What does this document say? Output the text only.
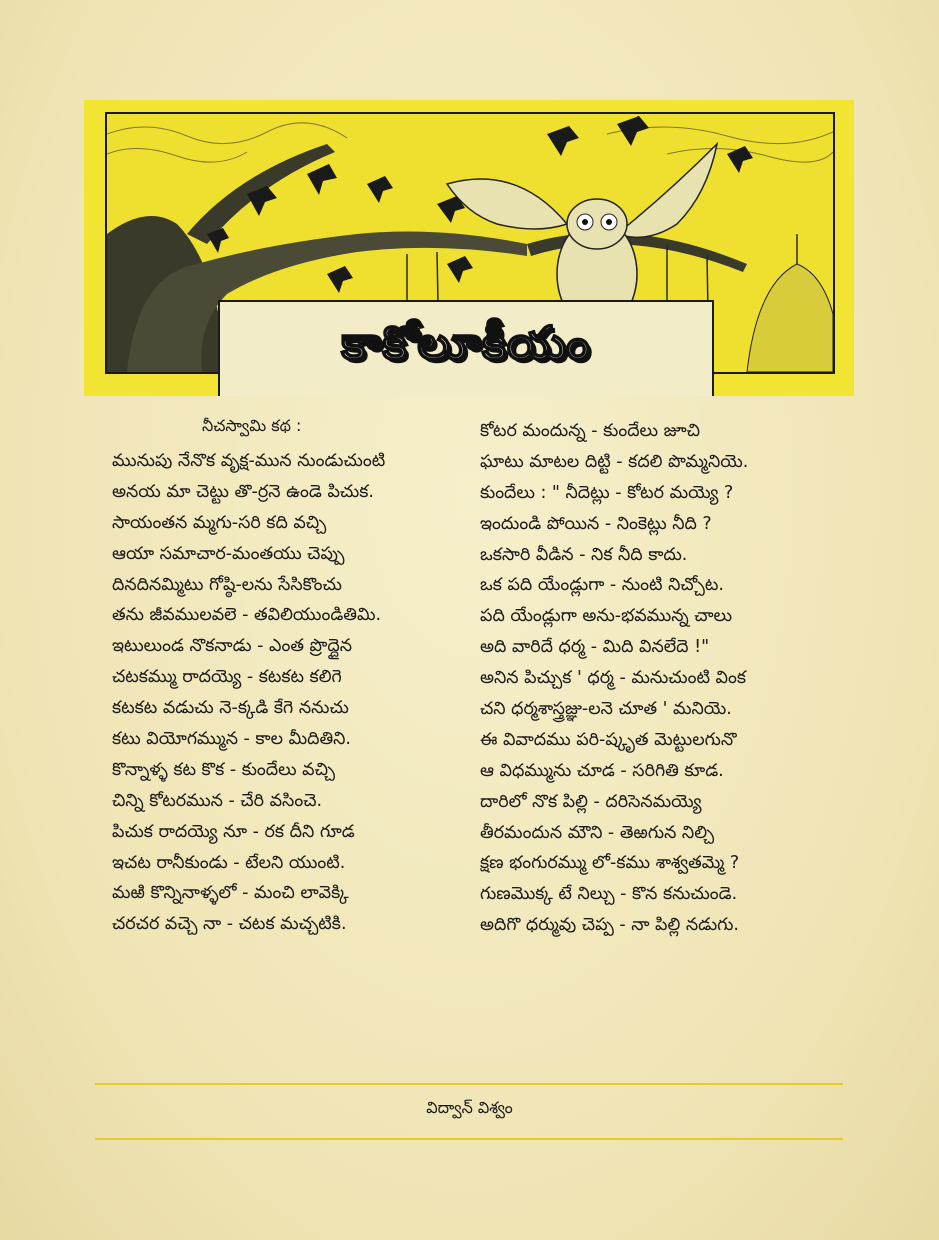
కాకోలూకీయం
నీచస్వామి కథ :
మునుపు నేనొక వృక్ష-మున నుండుచుంటి
అనయ మా చెట్టు తొ-ర్రనె ఉండె పిచుక.
సాయంతన మ్మగు-సరి కది వచ్చి
ఆయా సమాచార-మంతయు చెప్పు
దినదినమ్మిటు గోష్ఠి-లను సేసికొంచు
తను జీవములవలె - తవిలియుండితిమి.
ఇటులుండ నొకనాడు - ఎంత ప్రొద్దైన
చటకమ్ము రాదయ్యె - కటకట కలిగె
కటకట వడుచు నె-క్కడి కేగె ననుచు
కటు వియోగమ్మున - కాల మీదితిని.
కొన్నాళ్ళ కట కొక - కుందేలు వచ్చి
చిన్ని కోటరమున - చేరి వసించె.
పిచుక రాదయ్యె నూ - రక దీని గూడ
ఇచట రానీకుండు - టేలని యుంటి.
మఱి కొన్నినాళ్ళలో - మంచి లావెక్కి
చరచర వచ్చె నా - చటక మచ్చటికి.
కోటర మందున్న - కుందేలు జూచి
ఘాటు మాటల దిట్టి - కదలి పొమ్మనియె.
కుందేలు : " నీదెట్లు - కోటర మయ్యె ?
ఇందుండి పోయిన - నింకెట్లు నీది ?
ఒకసారి వీడిన - నిక నీది కాదు.
ఒక పది యేండ్లుగా - నుంటి నిచ్చోట.
పది యేండ్లుగా అను-భవమున్న చాలు
అది వారిదే ధర్మ - మిది వినలేదె !"
అనిన పిచ్చుక ' ధర్మ - మనుచుంటి వింక
చని ధర్మశాస్త్రజ్ఞు-లనె చూత ' మనియె.
ఈ వివాదము పరి-ష్కృత మెట్టులగునొ
ఆ విధమ్మును చూడ - సరిగితి కూడ.
దారిలో నొక పిల్లి - దరిసెనమయ్యె
తీరమందున మౌని - తెఱగున నిల్చి
క్షణ భంగురమ్ము లో-కము శాశ్వతమ్మె ?
గుణమొక్క టే నిల్చు - కొన కనుచుండె.
అదిగొ ధర్మువు చెప్ప - నా పిల్లి నడుగు.
విద్వాన్ విశ్వం
